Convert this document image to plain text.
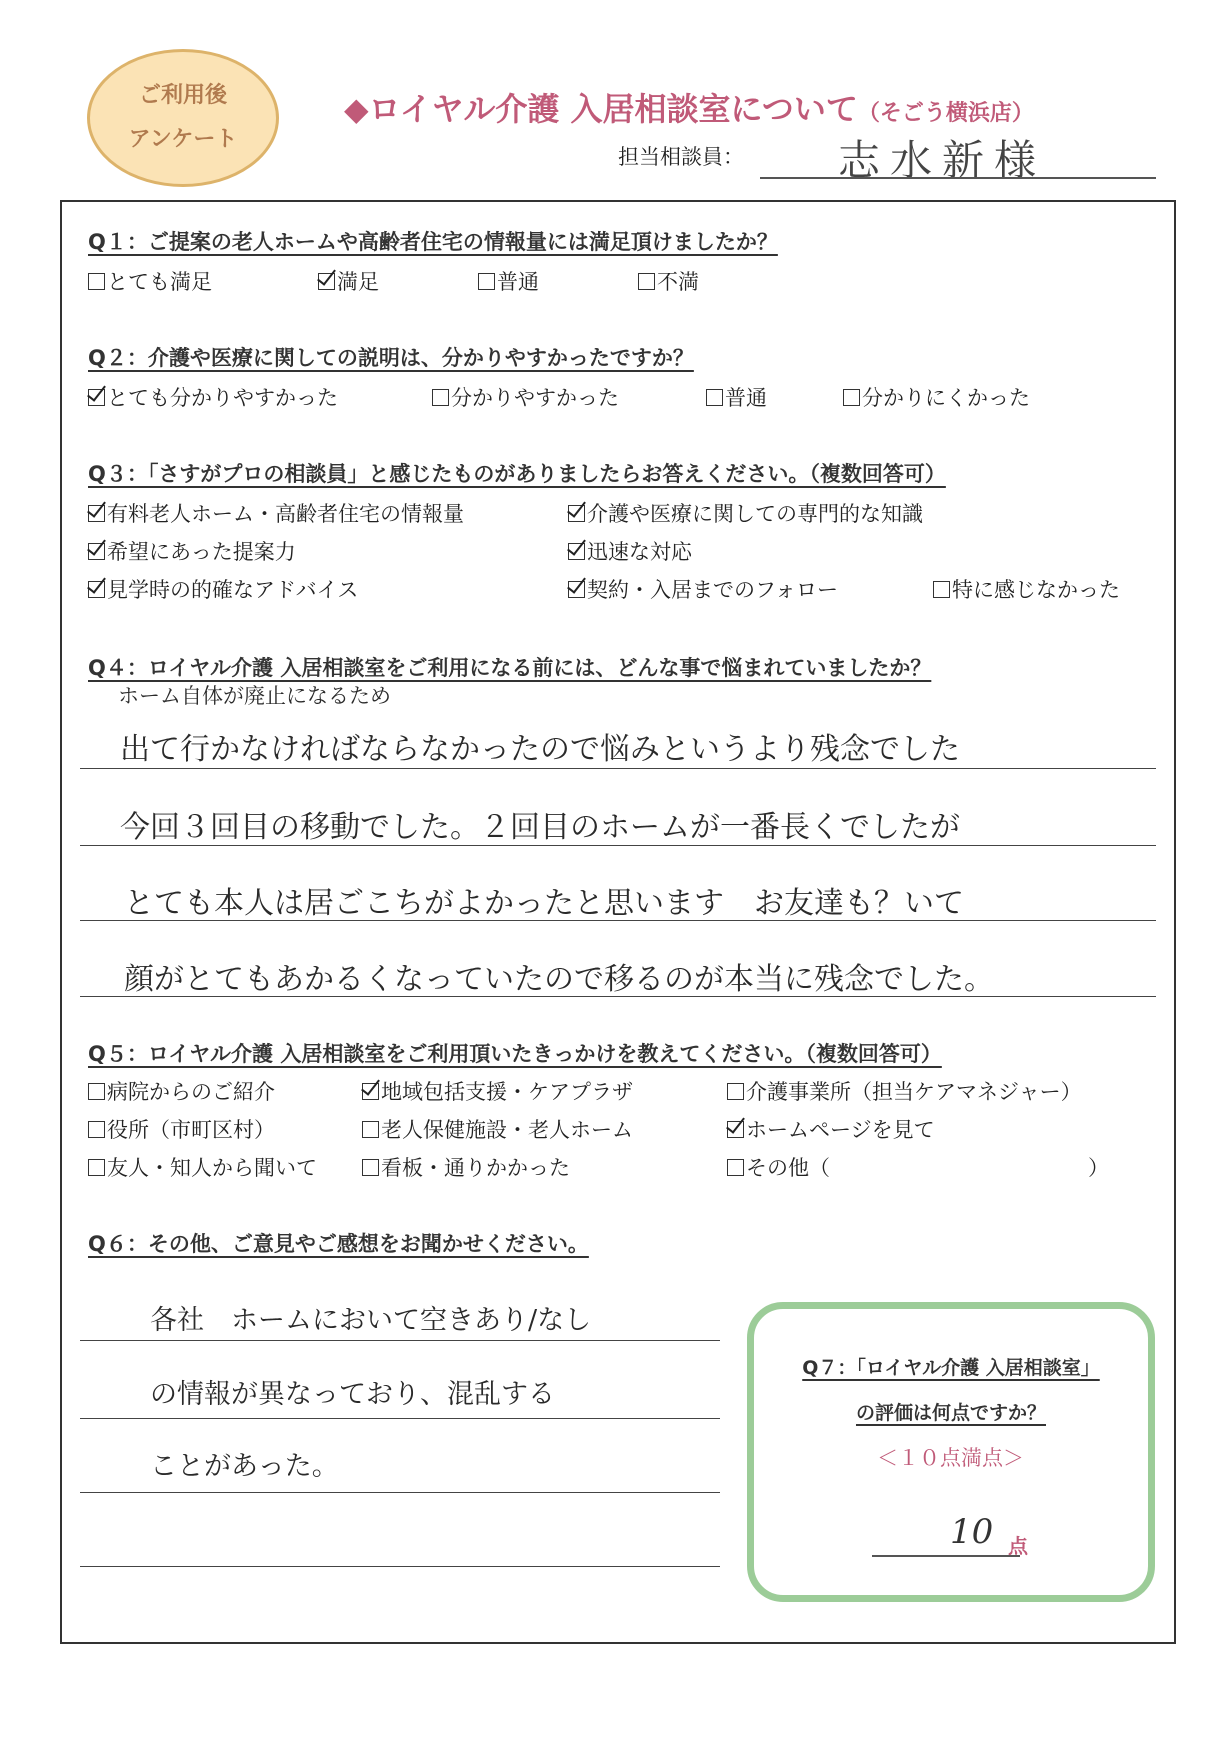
ご利用後
アンケート
◆ロイヤル介護 入居相談室について（そごう横浜店）
担当相談員： 志水新様
Q１：ご提案の老人ホームや高齢者住宅の情報量には満足頂けましたか？
とても満足	満足	普通	不満
Q２：介護や医療に関しての説明は、分かりやすかったですか？
とても分かりやすかった	分かりやすかった	普通	分かりにくかった
Q３：「さすがプロの相談員」と感じたものがありましたらお答えください。（複数回答可）
有料老人ホーム・高齢者住宅の情報量	介護や医療に関しての専門的な知識
希望にあった提案力	迅速な対応
見学時の的確なアドバイス	契約・入居までのフォロー	特に感じなかった
Q４：ロイヤル介護 入居相談室をご利用になる前には、どんな事で悩まれていましたか？
ホーム自体が廃止になるため
出て行かなければならなかったので悩みというより残念でした
今回３回目の移動でした。２回目のホームが一番長くでしたが
とても本人は居ごこちがよかったと思います　お友達も？いて
顔がとてもあかるくなっていたので移るのが本当に残念でした。
Q５：ロイヤル介護 入居相談室をご利用頂いたきっかけを教えてください。（複数回答可）
病院からのご紹介	地域包括支援・ケアプラザ	介護事業所（担当ケアマネジャー）
役所（市町区村）	老人保健施設・老人ホーム	ホームページを見て
友人・知人から聞いて	看板・通りかかった	その他（	）
Q６：その他、ご意見やご感想をお聞かせください。
各社　ホームにおいて空きあり/なし
の情報が異なっており、混乱する
ことがあった。
Q７：「ロイヤル介護 入居相談室」
の評価は何点ですか？
＜１０点満点＞
10 点
